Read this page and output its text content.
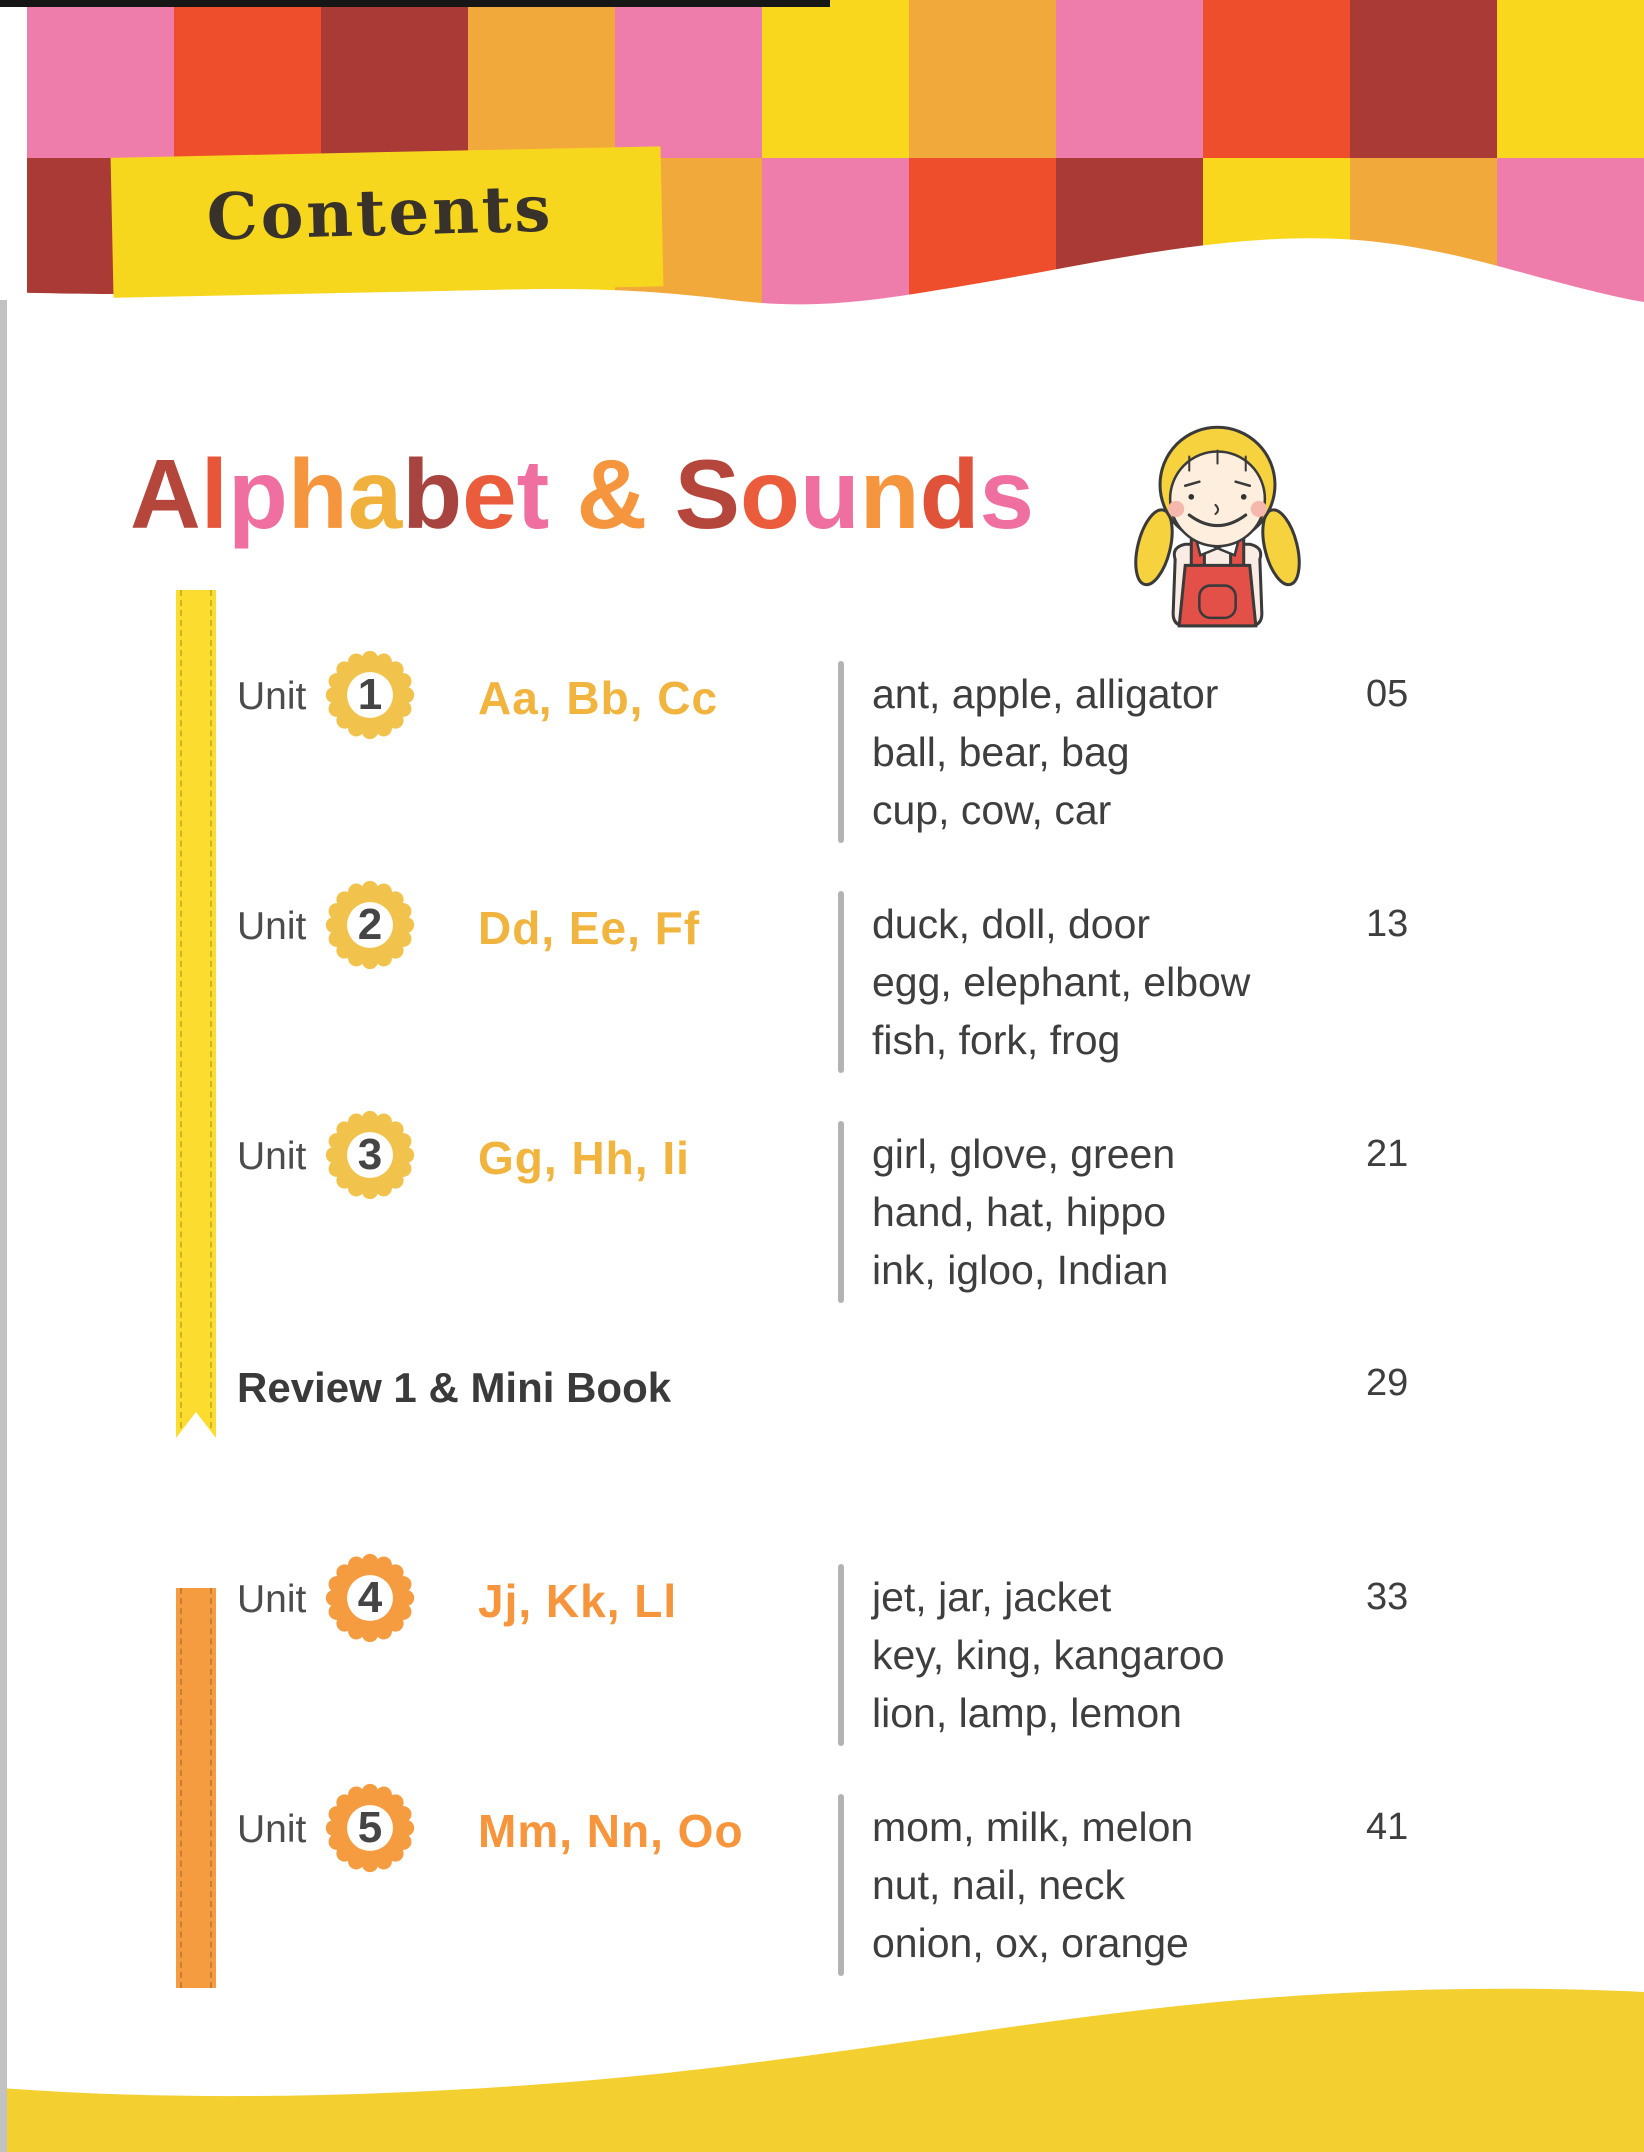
Contents
Alphabet & Sounds
Unit	1	Aa, Bb, Cc	ant, apple, alligator
ball, bear, bag
cup, cow, car
05
Unit	2	Dd, Ee, Ff	duck, doll, door
egg, elephant, elbow
fish, fork, frog
13
Unit	3	Gg, Hh, Ii	girl, glove, green
hand, hat, hippo
ink, igloo, Indian
21
Review 1 & Mini Book	29
Unit	4	Jj, Kk, Ll	jet, jar, jacket
key, king, kangaroo
lion, lamp, lemon
33
Unit	5	Mm, Nn, Oo	mom, milk, melon
nut, nail, neck
onion, ox, orange
41
